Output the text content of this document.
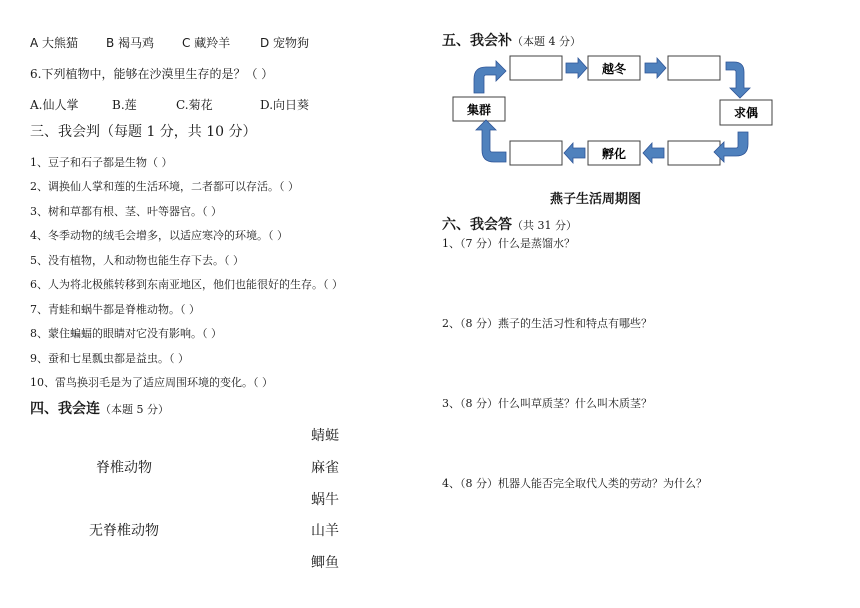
A 大熊猫 B 褐马鸡 C 藏羚羊 D 宠物狗
6.下列植物中，能够在沙漠里生存的是？（ ）
A.仙人掌	B.莲	C.菊花	D.向日葵
三、我会判（每题 1 分，共 10 分）
1、豆子和石子都是生物（ ）
2、调换仙人掌和莲的生活环境，二者都可以存活。（ ）
3、树和草都有根、茎、叶等器官。（ ）
4、冬季动物的绒毛会增多，以适应寒冷的环境。（ ）
5、没有植物，人和动物也能生存下去。（ ）
6、人为将北极熊转移到东南亚地区，他们也能很好的生存。（ ）
7、青蛙和蜗牛都是脊椎动物。（ ）
8、蒙住蝙蝠的眼睛对它没有影响。（ ）
9、蚕和七星瓢虫都是益虫。（ ）
10、雷鸟换羽毛是为了适应周围环境的变化。（ ）
四、我会连（本题 5 分）
脊椎动物
无脊椎动物
蜻蜓
麻雀
蜗牛
山羊
鲫鱼
五、我会补（本题 4 分）
越冬
求偶
孵化
集群
燕子生活周期图
六、我会答（共 31 分）
1、（7 分）什么是蒸馏水？
2、（8 分）燕子的生活习性和特点有哪些？
3、（8 分）什么叫草质茎？什么叫木质茎？
4、（8 分）机器人能否完全取代人类的劳动？为什么？
